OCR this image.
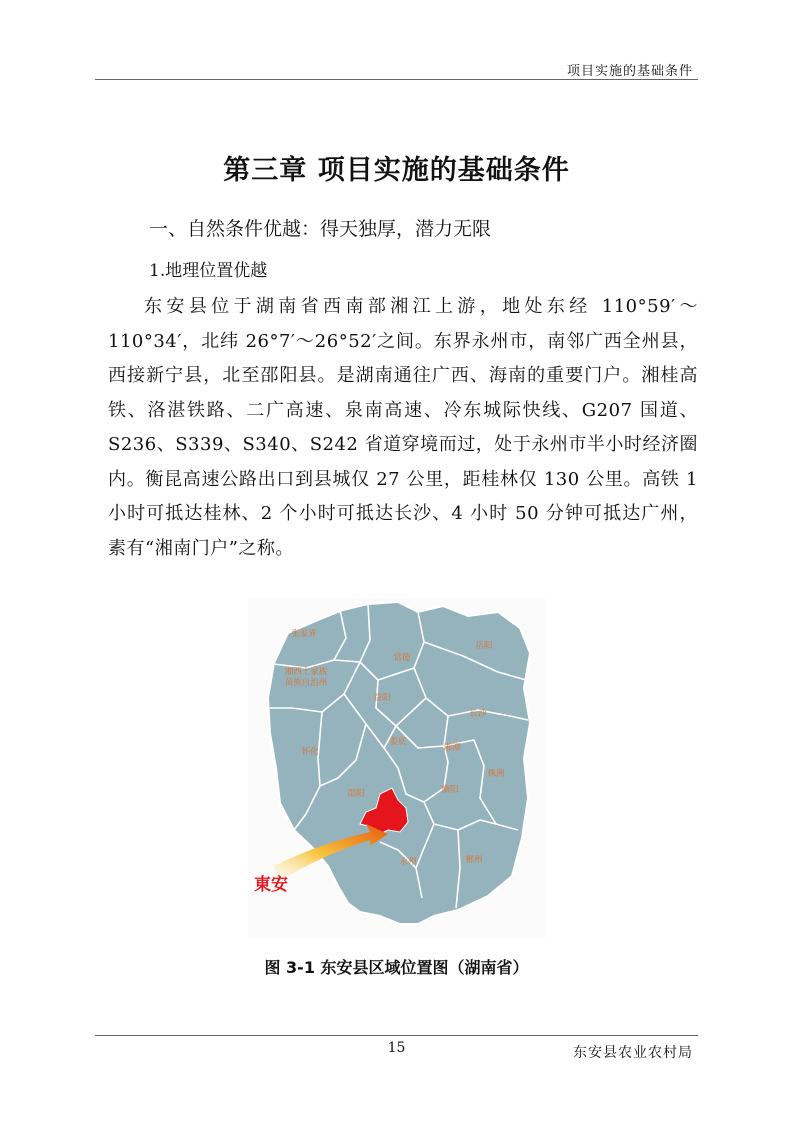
项目实施的基础条件
第三章 项目实施的基础条件
一、自然条件优越：得天独厚，潜力无限
1.地理位置优越
东安县位于湖南省西南部湘江上游，地处东经 110°59′～110°34′，北纬 26°7′～26°52′之间。东界永州市，南邻广西全州县，西接新宁县，北至邵阳县。是湖南通往广西、海南的重要门户。湘桂高铁、洛湛铁路、二广高速、泉南高速、冷东城际快线、G207 国道、S236、S339、S340、S242 省道穿境而过，处于永州市半小时经济圈内。衡昆高速公路出口到县城仅 27 公里，距桂林仅 130 公里。高铁 1 小时可抵达桂林、2 个小时可抵达长沙、4 小时 50 分钟可抵达广州，素有“湘南门户”之称。
张家界
常德
岳阳
湘西土家族
苗族自治州
益阳
长沙
娄底
湘潭
怀化
邵阳	衡阳
株洲
永州	郴州
東安
图 3-1 东安县区域位置图（湖南省）
15	东安县农业农村局
